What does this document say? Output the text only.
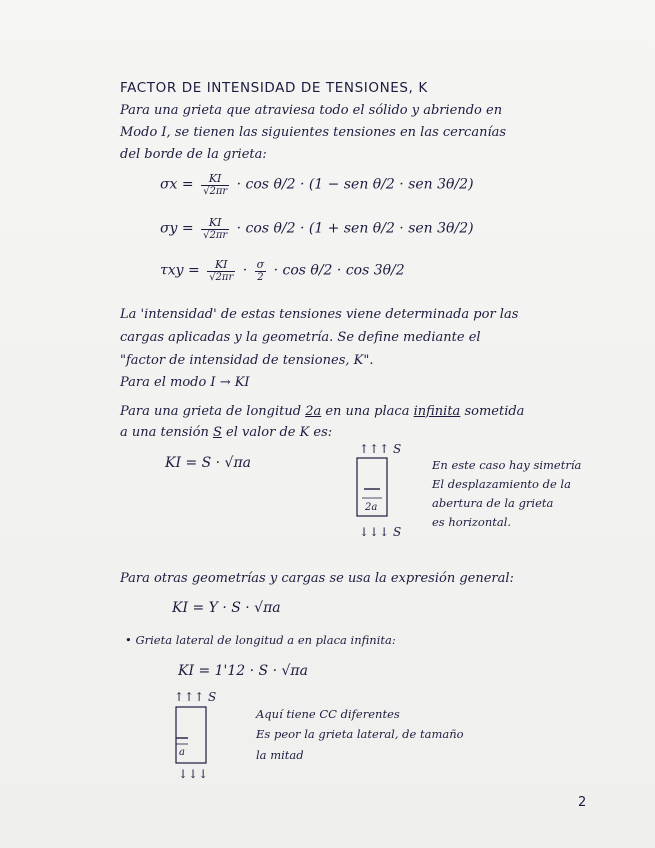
FACTOR DE INTENSIDAD DE TENSIONES, K
Para una grieta que atraviesa todo el sólido y abriendo en
Modo I, se tienen las siguientes tensiones en las cercanías
del borde de la grieta:
$\sigma x = \frac{KI}{√2\pi r} \cdot \cos \theta/2 \cdot (1$ − sen θ/2 · sen 3θ/2)
$\sigma y = \frac{KI}{√2\pi r} \cdot \cos \theta/2 \cdot (1$ + sen θ/2 · sen 3θ/2)
$\tau xy = \frac{KI}{√2\pi r} \cdot \frac{\sigma}{2} \cdot \cos \theta/2 \cdot \cos 3\theta/2$
La 'intensidad' de estas tensiones viene determinada por las
cargas aplicadas y la geometría. Se define mediante el
"factor de intensidad de tensiones, K".
Para el modo I → KI
Para una grieta de longitud 2a en una placa infinita sometida
a una tensión S el valor de K es:
KI = S · √πa
↑↑↑ S
2a
↓↓↓ S
En este caso hay simetría
El desplazamiento de la
abertura de la grieta
es horizontal.
Para otras geometrías y cargas se usa la expresión general:
KI = Y · S · √πa
• Grieta lateral de longitud a en placa infinita:
KI = 1'12 · S · √πa
↑↑↑ S
a
↓↓↓
Aquí tiene CC diferentes
Es peor la grieta lateral, de tamaño
la mitad
2
